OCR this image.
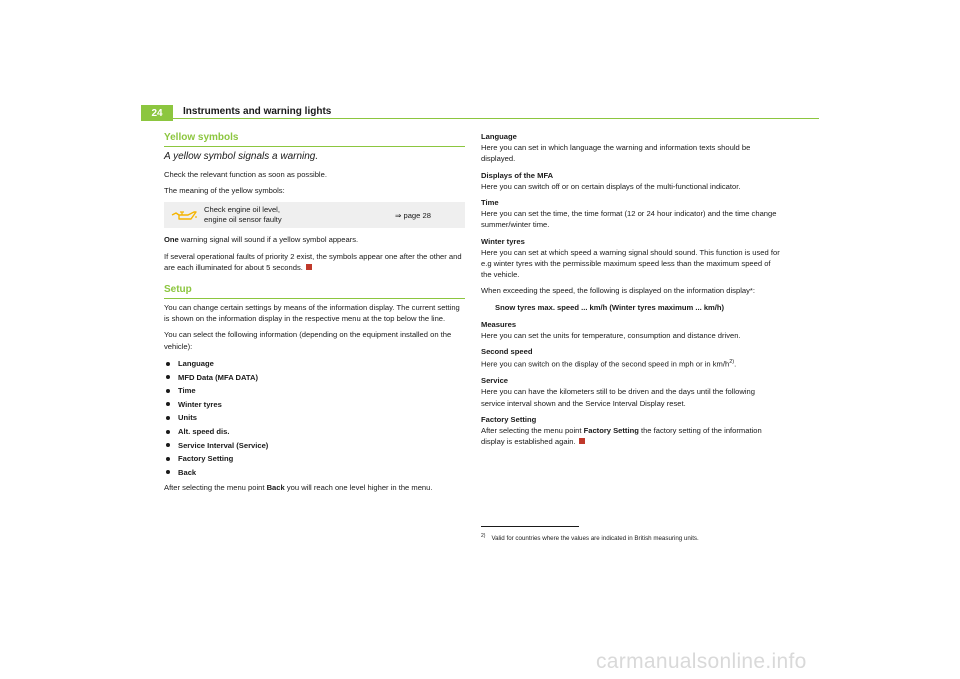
24	Instruments and warning lights
Yellow symbols
A yellow symbol signals a warning.

Check the relevant function as soon as possible.

The meaning of the yellow symbols:

Check engine oil level,
engine oil sensor faulty
⇒ page 28

One warning signal will sound if a yellow symbol appears.

If several operational faults of priority 2 exist, the symbols appear one after the other and are each illuminated for about 5 seconds.

Setup

You can change certain settings by means of the information display. The current setting is shown on the information display in the respective menu at the top below the line.

You can select the following information (depending on the equipment installed on the vehicle):

Language
MFD Data (MFA DATA)
Time
Winter tyres
Units
Alt. speed dis.
Service Interval (Service)
Factory Setting
Back

After selecting the menu point Back you will reach one level higher in the menu.

Language

Here you can set in which language the warning and information texts should be displayed.

Displays of the MFA

Here you can switch off or on certain displays of the multi-functional indicator.

Time

Here you can set the time, the time format (12 or 24 hour indicator) and the time change summer/winter time.

Winter tyres

Here you can set at which speed a warning signal should sound. This function is used for e.g winter tyres with the permissible maximum speed less than the maximum speed of the vehicle.

When exceeding the speed, the following is displayed on the information display*:

Snow tyres max. speed ... km/h (Winter tyres maximum ... km/h)

Measures

Here you can set the units for temperature, consumption and distance driven.

Second speed

Here you can switch on the display of the second speed in mph or in $km/h^{2)}$.

Service

Here you can have the kilometers still to be driven and the days until the following service interval shown and the Service Interval Display reset.

Factory Setting

After selecting the menu point Factory Setting the factory setting of the information display is established again.

$^{2)}$ Valid for countries where the values are indicated in British measuring units.
carmanualsonline.info
